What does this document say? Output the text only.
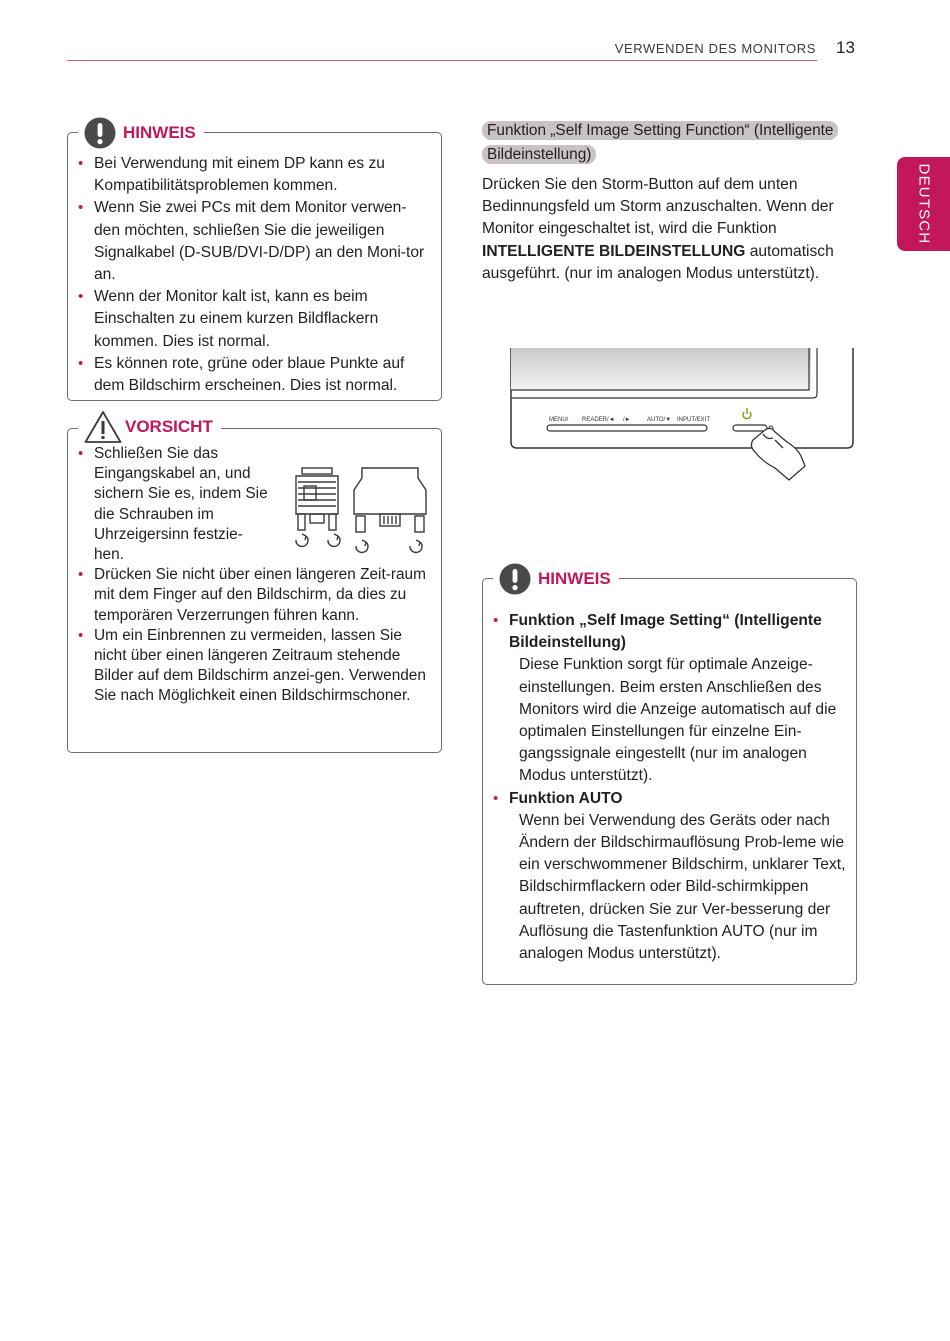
VERWENDEN DES MONITORS 13
DEUTSCH
HINWEIS
• Bei Verwendung mit einem DP kann es zu Kompatibilitätsproblemen kommen.
• Wenn Sie zwei PCs mit dem Monitor verwen-den möchten, schließen Sie die jeweiligen Signalkabel (D-SUB/DVI-D/DP) an den Moni-tor an.
• Wenn der Monitor kalt ist, kann es beim Einschalten zu einem kurzen Bildflackern kommen. Dies ist normal.
• Es können rote, grüne oder blaue Punkte auf dem Bildschirm erscheinen. Dies ist normal.
VORSICHT
• Schließen Sie das Eingangskabel an, und sichern Sie es, indem Sie die Schrauben im Uhrzeigersinn festzie-hen.
• Drücken Sie nicht über einen längeren Zeit-raum mit dem Finger auf den Bildschirm, da dies zu temporären Verzerrungen führen kann.
• Um ein Einbrennen zu vermeiden, lassen Sie nicht über einen längeren Zeitraum stehende Bilder auf dem Bildschirm anzei-gen. Verwenden Sie nach Möglichkeit einen Bildschirmschoner.
Funktion „Self Image Setting Function“ (Intelligente Bildeinstellung)
Drücken Sie den Storm-Button auf dem unten Bedinnungsfeld um Storm anzuschalten. Wenn der Monitor eingeschaltet ist, wird die Funktion INTELLIGENTE BILDEINSTELLUNG automatisch ausgeführt. (nur im analogen Modus unterstützt).
MENU/ READER/◄ /►	AUTO/▼ INPUT/EXIT
HINWEIS
• Funktion „Self Image Setting“ (Intelligente Bildeinstellung)
Diese Funktion sorgt für optimale Anzeige-einstellungen. Beim ersten Anschließen des Monitors wird die Anzeige automatisch auf die optimalen Einstellungen für einzelne Ein-gangssignale eingestellt (nur im analogen Modus unterstützt).
• Funktion AUTO
Wenn bei Verwendung des Geräts oder nach Ändern der Bildschirmauflösung Prob-leme wie ein verschwommener Bildschirm, unklarer Text, Bildschirmflackern oder Bild-schirmkippen auftreten, drücken Sie zur Ver-besserung der Auflösung die Tastenfunktion AUTO (nur im analogen Modus unterstützt).
